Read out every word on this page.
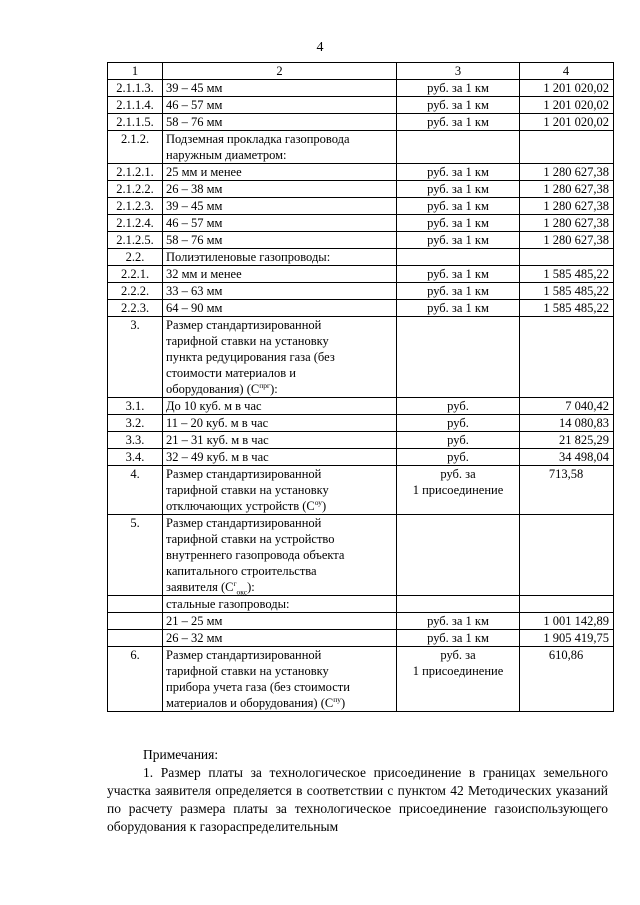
4
1	2	3	4
2.1.1.3.	39 – 45 мм	руб. за 1 км	1 201 020,02
2.1.1.4.	46 – 57 мм	руб. за 1 км	1 201 020,02
2.1.1.5.	58 – 76 мм	руб. за 1 км	1 201 020,02
2.1.2.	Подземная прокладка газопровода
наружным диаметром:		
2.1.2.1.	25 мм и менее	руб. за 1 км	1 280 627,38
2.1.2.2.	26 – 38 мм	руб. за 1 км	1 280 627,38
2.1.2.3.	39 – 45 мм	руб. за 1 км	1 280 627,38
2.1.2.4.	46 – 57 мм	руб. за 1 км	1 280 627,38
2.1.2.5.	58 – 76 мм	руб. за 1 км	1 280 627,38
2.2.	Полиэтиленовые газопроводы:		
2.2.1.	32 мм и менее	руб. за 1 км	1 585 485,22
2.2.2.	33 – 63 мм	руб. за 1 км	1 585 485,22
2.2.3.	64 – 90 мм	руб. за 1 км	1 585 485,22
3.	Размер стандартизированной
тарифной ставки на установку
пункта редуцирования газа (без
стоимости материалов и
оборудования) $(С^{прг})$:		
3.1.	До 10 куб. м в час	руб.	7 040,42
3.2.	11 – 20 куб. м в час	руб.	14 080,83
3.3.	21 – 31 куб. м в час	руб.	21 825,29
3.4.	32 – 49 куб. м в час	руб.	34 498,04
4.	Размер стандартизированной
тарифной ставки на установку
отключающих устройств $(С^{оу})$	руб. за
1 присоединение	713,58
5.	Размер стандартизированной
тарифной ставки на устройство
внутреннего газопровода объекта
капитального строительства
заявителя $(С^г_{окс})$:		
	стальные газопроводы:		
	21 – 25 мм	руб. за 1 км	1 001 142,89
	26 – 32 мм	руб. за 1 км	1 905 419,75
6.	Размер стандартизированной
тарифной ставки на установку
прибора учета газа (без стоимости
материалов и оборудования) $(С^{пу})$	руб. за
1 присоединение	610,86

Примечания:

1. Размер платы за технологическое присоединение в границах земельного участка заявителя определяется в соответствии с пунктом 42 Методических указаний по расчету размера платы за технологическое присоединение газоиспользующего оборудования к газораспределительным
